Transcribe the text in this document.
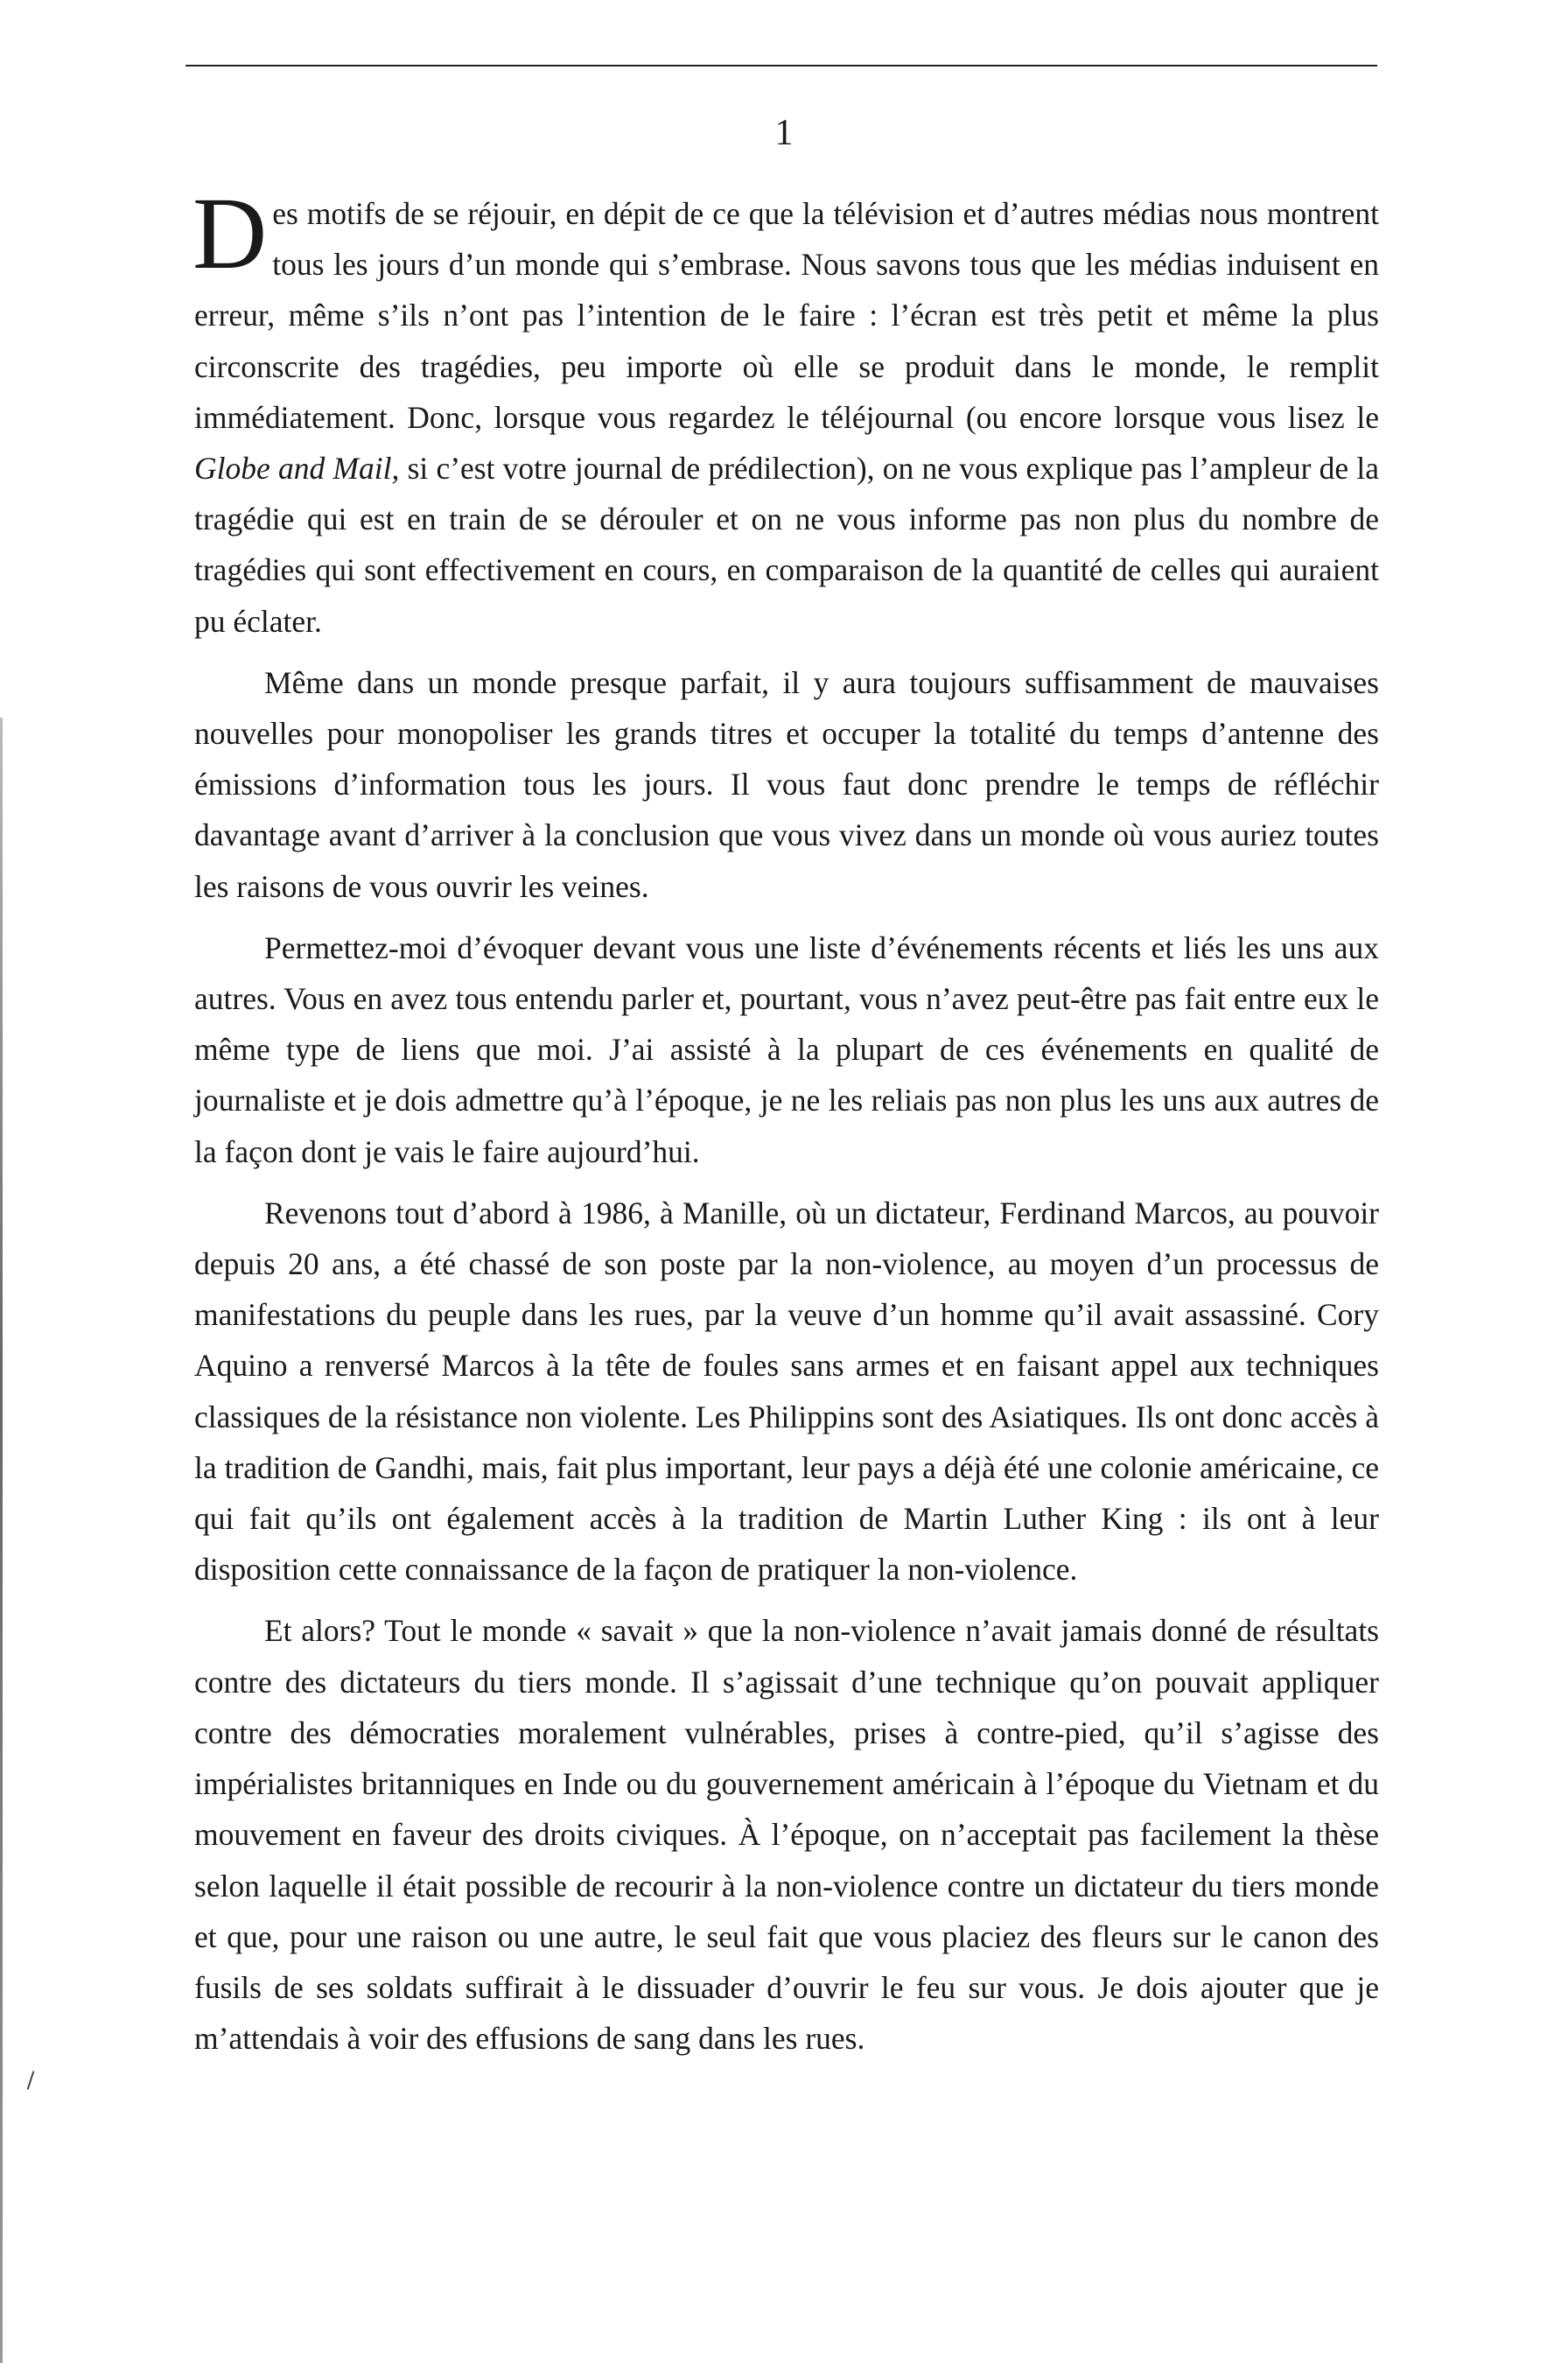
1

Des motifs de se réjouir, en dépit de ce que la télévision et d’autres médias nous montrent tous les jours d’un monde qui s’embrase. Nous savons tous que les médias induisent en erreur, même s’ils n’ont pas l’intention de le faire : l’écran est très petit et même la plus circonscrite des tragédies, peu importe où elle se produit dans le monde, le remplit immédiatement. Donc, lorsque vous regardez le téléjournal (ou encore lorsque vous lisez le Globe and Mail, si c’est votre journal de prédilection), on ne vous explique pas l’ampleur de la tragédie qui est en train de se dérouler et on ne vous informe pas non plus du nombre de tragédies qui sont effectivement en cours, en comparaison de la quantité de celles qui auraient pu éclater.

Même dans un monde presque parfait, il y aura toujours suffisamment de mauvaises nouvelles pour monopoliser les grands titres et occuper la totalité du temps d’antenne des émissions d’information tous les jours. Il vous faut donc prendre le temps de réfléchir davantage avant d’arriver à la conclusion que vous vivez dans un monde où vous auriez toutes les raisons de vous ouvrir les veines.

Permettez-moi d’évoquer devant vous une liste d’événements récents et liés les uns aux autres. Vous en avez tous entendu parler et, pourtant, vous n’avez peut-être pas fait entre eux le même type de liens que moi. J’ai assisté à la plupart de ces événements en qualité de journaliste et je dois admettre qu’à l’époque, je ne les reliais pas non plus les uns aux autres de la façon dont je vais le faire aujourd’hui.

Revenons tout d’abord à 1986, à Manille, où un dictateur, Ferdinand Marcos, au pouvoir depuis 20 ans, a été chassé de son poste par la non-violence, au moyen d’un processus de manifestations du peuple dans les rues, par la veuve d’un homme qu’il avait assassiné. Cory Aquino a renversé Marcos à la tête de foules sans armes et en faisant appel aux techniques classiques de la résistance non violente. Les Philippins sont des Asiatiques. Ils ont donc accès à la tradition de Gandhi, mais, fait plus important, leur pays a déjà été une colonie américaine, ce qui fait qu’ils ont également accès à la tradition de Martin Luther King : ils ont à leur disposition cette connaissance de la façon de pratiquer la non-violence.

Et alors? Tout le monde « savait » que la non-violence n’avait jamais donné de résultats contre des dictateurs du tiers monde. Il s’agissait d’une technique qu’on pouvait appliquer contre des démocraties moralement vulnérables, prises à contre-pied, qu’il s’agisse des impérialistes britanniques en Inde ou du gouvernement américain à l’époque du Vietnam et du mouvement en faveur des droits civiques. À l’époque, on n’acceptait pas facilement la thèse selon laquelle il était possible de recourir à la non-violence contre un dictateur du tiers monde et que, pour une raison ou une autre, le seul fait que vous placiez des fleurs sur le canon des fusils de ses soldats suffirait à le dissuader d’ouvrir le feu sur vous. Je dois ajouter que je m’attendais à voir des effusions de sang dans les rues.
